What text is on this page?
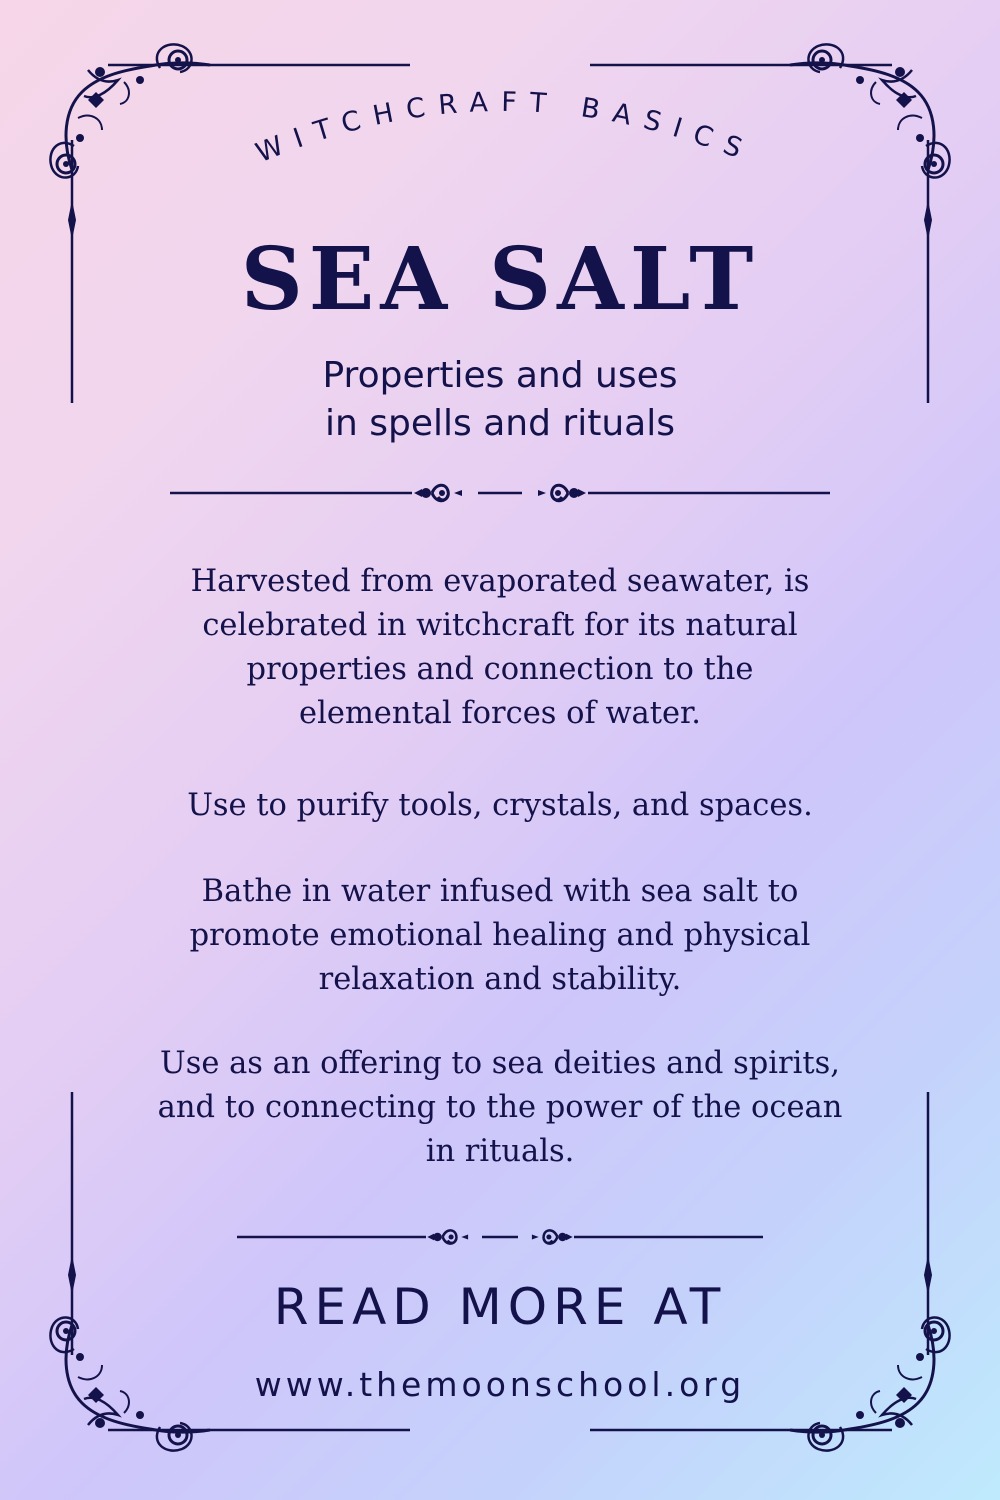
WITCHCRAFT BASICS
SEA SALT
Properties and uses
in spells and rituals
Harvested from evaporated seawater, is
celebrated in witchcraft for its natural
properties and connection to the
elemental forces of water.
Use to purify tools, crystals, and spaces.
Bathe in water infused with sea salt to
promote emotional healing and physical
relaxation and stability.
Use as an offering to sea deities and spirits,
and to connecting to the power of the ocean
in rituals.
READ MORE AT
www.themoonschool.org
